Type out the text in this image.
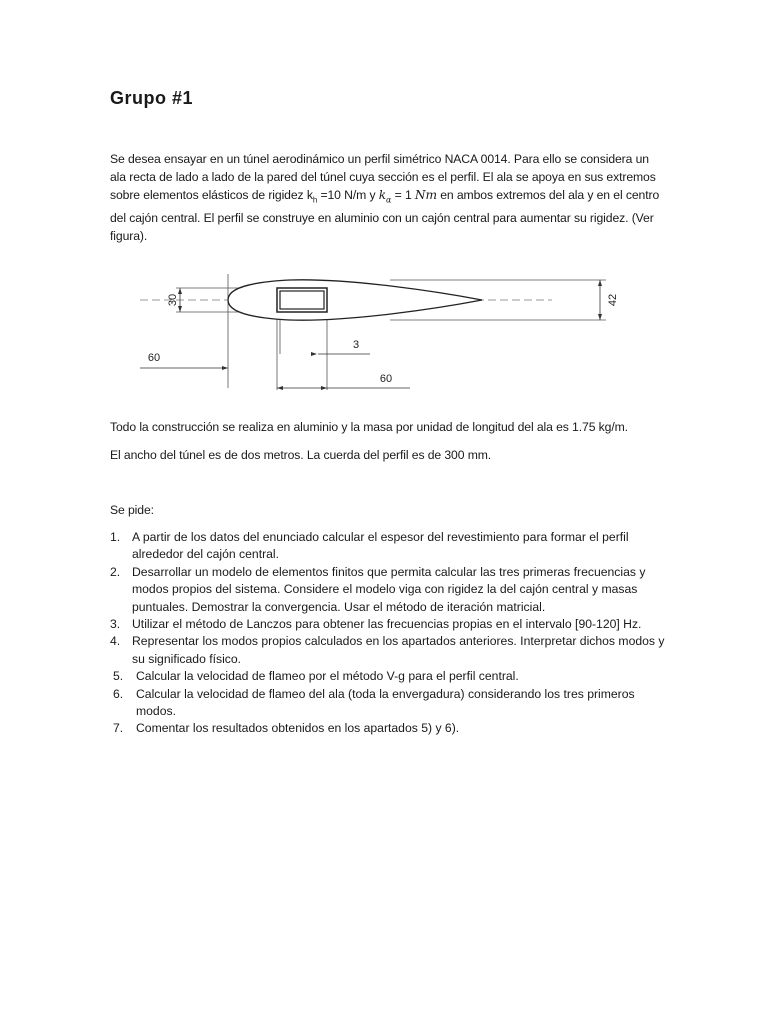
Grupo #1
Se desea ensayar en un túnel aerodinámico un perfil simétrico NACA 0014. Para ello se considera un ala recta de lado a lado de la pared del túnel cuya sección es el perfil. El ala se apoya en sus extremos sobre elementos elásticos de rigidez $k_h =10$ N/m y $k_\alpha = 1$ Nm en ambos extremos del ala y en el centro del cajón central. El perfil se construye en aluminio con un cajón central para aumentar su rigidez. (Ver figura).
30	42
60
3
60
Todo la construcción se realiza en aluminio y la masa por unidad de longitud del ala es 1.75 kg/m.
El ancho del túnel es de dos metros. La cuerda del perfil es de 300 mm.
Se pide:
1. A partir de los datos del enunciado calcular el espesor del revestimiento para formar el perfil alrededor del cajón central.
2. Desarrollar un modelo de elementos finitos que permita calcular las tres primeras frecuencias y modos propios del sistema. Considere el modelo viga con rigidez la del cajón central y masas puntuales. Demostrar la convergencia. Usar el método de iteración matricial.
3. Utilizar el método de Lanczos para obtener las frecuencias propias en el intervalo [90-120] Hz.
4. Representar los modos propios calculados en los apartados anteriores. Interpretar dichos modos y su significado físico.
5. Calcular la velocidad de flameo por el método V-g para el perfil central.
6. Calcular la velocidad de flameo del ala (toda la envergadura) considerando los tres primeros modos.
7. Comentar los resultados obtenidos en los apartados 5) y 6).
